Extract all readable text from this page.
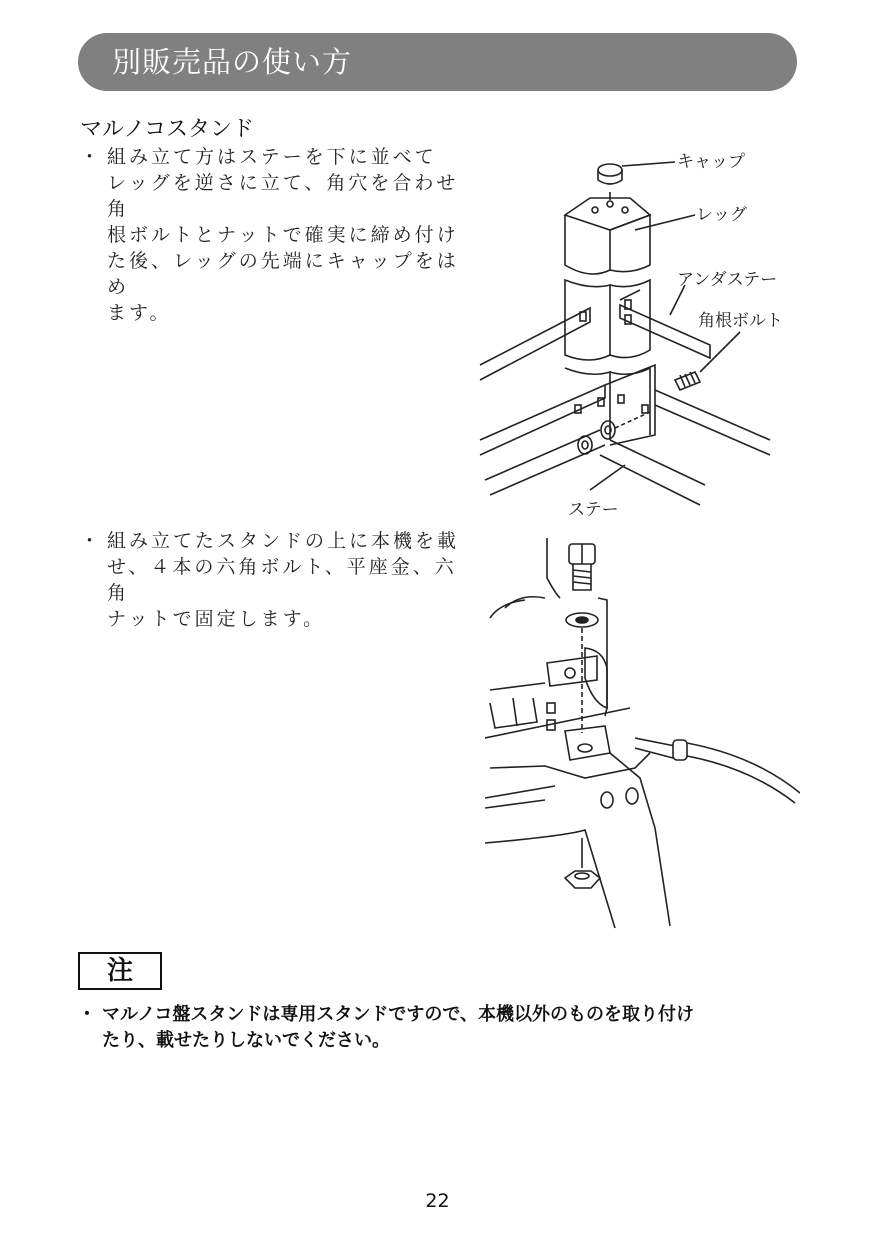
別販売品の使い方
マルノコスタンド
・ 組み立て方はステーを下に並べて
レッグを逆さに立て、角穴を合わせ角
根ボルトとナットで確実に締め付け
た後、レッグの先端にキャップをはめ
ます。
・ 組み立てたスタンドの上に本機を載
せ、４本の六角ボルト、平座金、六角
ナットで固定します。
キャップ
レッグ
アンダステー
角根ボルト
ステー
注
・ マルノコ盤スタンドは専用スタンドですので、本機以外のものを取り付け
たり、載せたりしないでください。
22
